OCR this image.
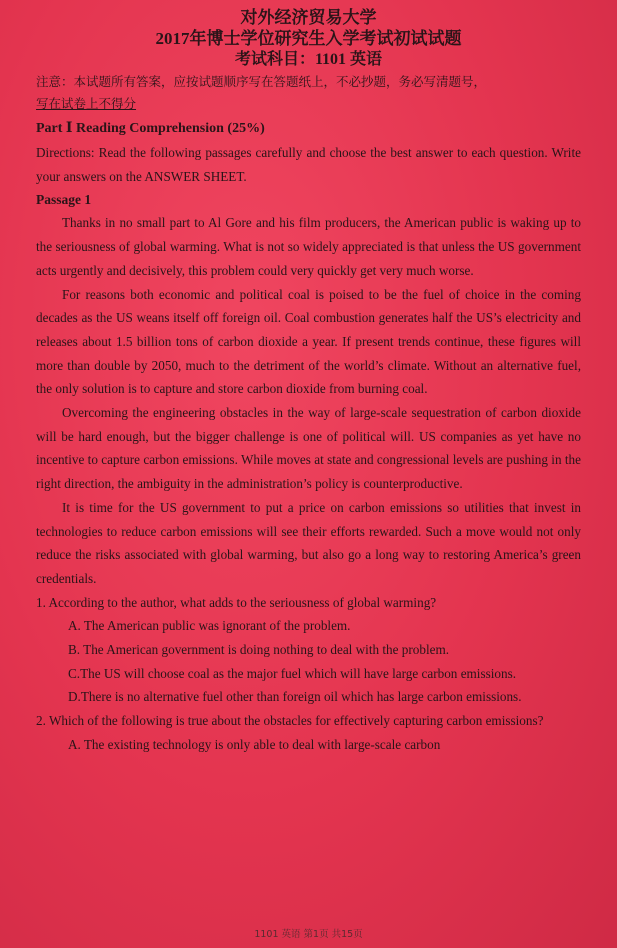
对外经济贸易大学
2017年博士学位研究生入学考试初试试题
考试科目：1101 英语
注意：本试题所有答案，应按试题顺序写在答题纸上，不必抄题，务必写清题号，
写在试卷上不得分
Part Ⅰ Reading Comprehension (25%)

Directions: Read the following passages carefully and choose the best answer to each question. Write your answers on the ANSWER SHEET.

Passage 1

Thanks in no small part to Al Gore and his film producers, the American public is waking up to the seriousness of global warming. What is not so widely appreciated is that unless the US government acts urgently and decisively, this problem could very quickly get very much worse.

For reasons both economic and political coal is poised to be the fuel of choice in the coming decades as the US weans itself off foreign oil. Coal combustion generates half the US’s electricity and releases about 1.5 billion tons of carbon dioxide a year. If present trends continue, these figures will more than double by 2050, much to the detriment of the world’s climate. Without an alternative fuel, the only solution is to capture and store carbon dioxide from burning coal.

Overcoming the engineering obstacles in the way of large-scale sequestration of carbon dioxide will be hard enough, but the bigger challenge is one of political will. US companies as yet have no incentive to capture carbon emissions. While moves at state and congressional levels are pushing in the right direction, the ambiguity in the administration’s policy is counterproductive.

It is time for the US government to put a price on carbon emissions so utilities that invest in technologies to reduce carbon emissions will see their efforts rewarded. Such a move would not only reduce the risks associated with global warming, but also go a long way to restoring America’s green credentials.

1. According to the author, what adds to the seriousness of global warming?
A. The American public was ignorant of the problem.
B. The American government is doing nothing to deal with the problem.
C.The US will choose coal as the major fuel which will have large carbon emissions.
D.There is no alternative fuel other than foreign oil which has large carbon emissions.
2. Which of the following is true about the obstacles for effectively capturing carbon emissions?
A. The existing technology is only able to deal with large-scale carbon
1101 英语 第1页 共15页
